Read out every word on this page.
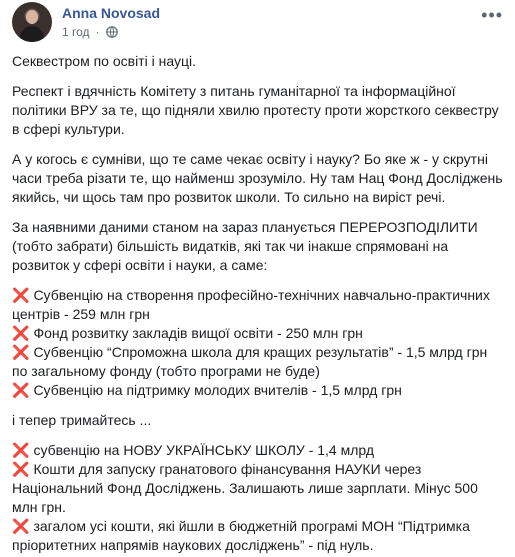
Anna Novosad
1 год ·
•••

Секвестром по освіті і науці.

Респект і вдячність Комітету з питань гуманітарної та інформаційної політики ВРУ за те, що підняли хвилю протесту проти жорсткого секвестру в сфері культури.

А у когось є сумніви, що те саме чекає освіту і науку? Бо яке ж - у скрутні часи треба різати те, що найменш зрозуміло. Ну там Нац Фонд Досліджень якийсь, чи щось там про розвиток школи. То сильно на виріст речі.

За наявними даними станом на зараз планується ПЕРЕРОЗПОДІЛИТИ (тобто забрати) більшість видатків, які так чи інакше спрямовані на розвиток у сфері освіти і науки, а саме:

❌ Субвенцію на створення професійно-технічних навчально-практичних центрів - 259 млн грн
❌ Фонд розвитку закладів вищої освіти - 250 млн грн
❌ Субвенцію “Спроможна школа для кращих результатів” - 1,5 млрд грн по загальному фонду (тобто програми не буде)
❌ Субвенцію на підтримку молодих вчителів - 1,5 млрд грн

і тепер тримайтесь ...

❌ субвенцію на НОВУ УКРАЇНСЬКУ ШКОЛУ - 1,4 млрд
❌ Кошти для запуску гранатового фінансування НАУКИ через Національний Фонд Досліджень. Залишають лише зарплати. Мінус 500 млн грн.
❌ загалом усі кошти, які йшли в бюджетній програмі МОН “Підтримка пріоритетних напрямів наукових досліджень” - під нуль.
